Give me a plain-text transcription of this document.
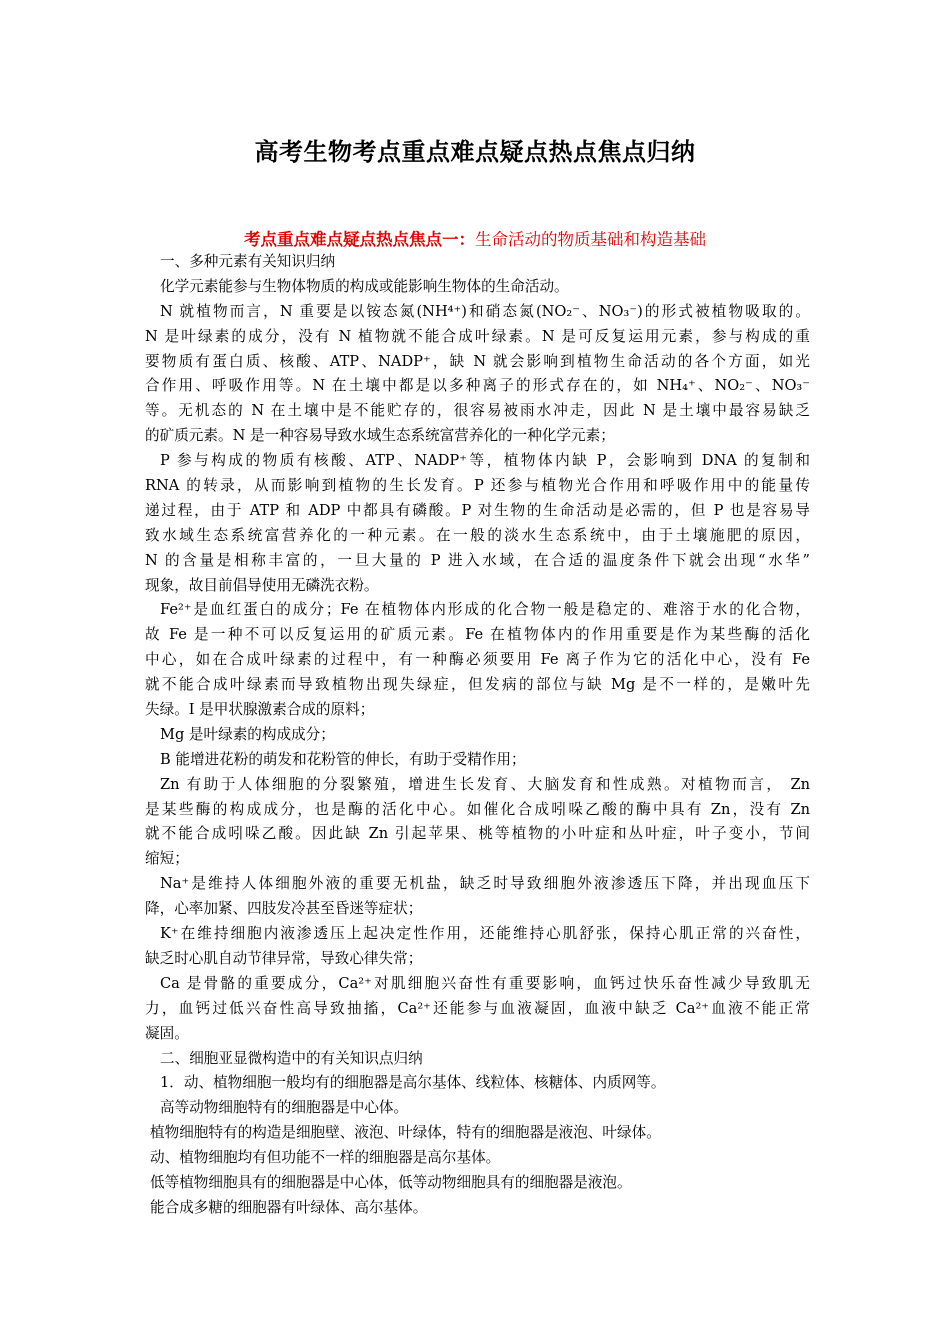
高考生物考点重点难点疑点热点焦点归纳
考点重点难点疑点热点焦点一：生命活动的物质基础和构造基础
一、多种元素有关知识归纳
化学元素能参与生物体物质的构成或能影响生物体的生命活动。
N 就植物而言，N 重要是以铵态氮(NH⁴⁺)和硝态氮(NO₂⁻、NO₃⁻)的形式被植物吸取的。
N 是叶绿素的成分，没有 N 植物就不能合成叶绿素。N 是可反复运用元素，参与构成的重
要物质有蛋白质、核酸、ATP、NADP⁺，缺 N 就会影响到植物生命活动的各个方面，如光
合作用、呼吸作用等。N 在土壤中都是以多种离子的形式存在的，如 NH₄⁺、NO₂⁻、NO₃⁻
等。无机态的 N 在土壤中是不能贮存的，很容易被雨水冲走，因此 N 是土壤中最容易缺乏
的矿质元素。N 是一种容易导致水域生态系统富营养化的一种化学元素；
P 参与构成的物质有核酸、ATP、NADP⁺等，植物体内缺 P，会影响到 DNA 的复制和
RNA 的转录，从而影响到植物的生长发育。P 还参与植物光合作用和呼吸作用中的能量传
递过程，由于 ATP 和 ADP 中都具有磷酸。P 对生物的生命活动是必需的，但 P 也是容易导
致水域生态系统富营养化的一种元素。在一般的淡水生态系统中，由于土壤施肥的原因，
N 的含量是相称丰富的，一旦大量的 P 进入水域，在合适的温度条件下就会出现“水华”
现象，故目前倡导使用无磷洗衣粉。
Fe²⁺是血红蛋白的成分；Fe 在植物体内形成的化合物一般是稳定的、难溶于水的化合物，
故 Fe 是一种不可以反复运用的矿质元素。Fe 在植物体内的作用重要是作为某些酶的活化
中心，如在合成叶绿素的过程中，有一种酶必须要用 Fe 离子作为它的活化中心，没有 Fe
就不能合成叶绿素而导致植物出现失绿症，但发病的部位与缺 Mg 是不一样的，是嫩叶先
失绿。I 是甲状腺激素合成的原料；
Mg 是叶绿素的构成成分；
B 能增进花粉的萌发和花粉管的伸长，有助于受精作用；
Zn 有助于人体细胞的分裂繁殖，增进生长发育、大脑发育和性成熟。对植物而言， Zn
是某些酶的构成成分，也是酶的活化中心。如催化合成吲哚乙酸的酶中具有 Zn，没有 Zn
就不能合成吲哚乙酸。因此缺 Zn 引起苹果、桃等植物的小叶症和丛叶症，叶子变小，节间
缩短；
Na⁺是维持人体细胞外液的重要无机盐，缺乏时导致细胞外液渗透压下降，并出现血压下
降，心率加紧、四肢发冷甚至昏迷等症状；
K⁺在维持细胞内液渗透压上起决定性作用，还能维持心肌舒张，保持心肌正常的兴奋性，
缺乏时心肌自动节律异常，导致心律失常；
Ca 是骨骼的重要成分，Ca²⁺对肌细胞兴奋性有重要影响，血钙过快乐奋性减少导致肌无
力，血钙过低兴奋性高导致抽搐，Ca²⁺还能参与血液凝固，血液中缺乏 Ca²⁺血液不能正常
凝固。
二、细胞亚显微构造中的有关知识点归纳
1．动、植物细胞一般均有的细胞器是高尔基体、线粒体、核糖体、内质网等。
高等动物细胞特有的细胞器是中心体。
植物细胞特有的构造是细胞壁、液泡、叶绿体，特有的细胞器是液泡、叶绿体。
动、植物细胞均有但功能不一样的细胞器是高尔基体。
低等植物细胞具有的细胞器是中心体，低等动物细胞具有的细胞器是液泡。
能合成多糖的细胞器有叶绿体、高尔基体。
